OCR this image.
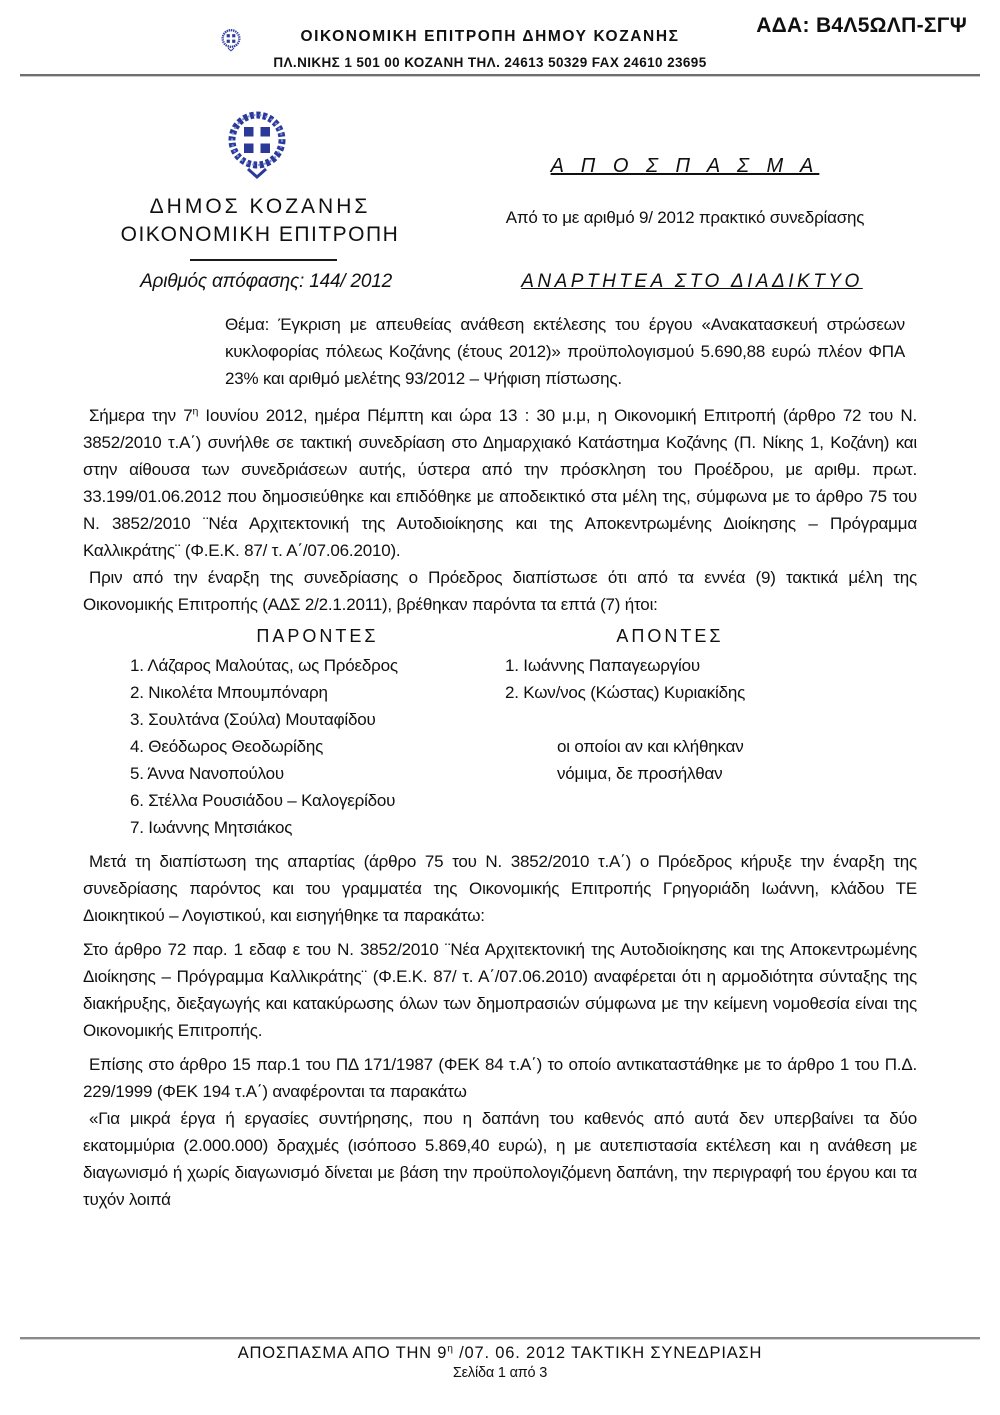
ΟΙΚΟΝΟΜΙΚΗ ΕΠΙΤΡΟΠΗ ΔΗΜΟΥ ΚΟΖΑΝΗΣ
ΠΛ.ΝΙΚΗΣ 1 501 00 ΚΟΖΑΝΗ ΤΗΛ. 24613 50329 FAX 24610 23695
ΑΔΑ: Β4Λ5ΩΛΠ-ΣΓΨ
ΔΗΜΟΣ ΚΟΖΑΝΗΣ
ΟΙΚΟΝΟΜΙΚΗ ΕΠΙΤΡΟΠΗ
Αριθμός απόφασης: 144/ 2012
Α Π Ο Σ Π Α Σ Μ Α
Από το με αριθμό 9/ 2012 πρακτικό συνεδρίασης
ΑΝΑΡΤΗΤΕΑ ΣΤΟ ΔΙΑΔΙΚΤΥΟ

Θέμα: Έγκριση με απευθείας ανάθεση εκτέλεσης του έργου «Ανακατασκευή στρώσεων κυκλοφορίας πόλεως Κοζάνης (έτους 2012)» προϋπολογισμού 5.690,88 ευρώ πλέον ΦΠΑ 23% και αριθμό μελέτης 93/2012 – Ψήφιση πίστωσης.

Σήμερα την $7^\eta$ Ιουνίου 2012, ημέρα Πέμπτη και ώρα 13 : 30 μ.μ, η Οικονομική Επιτροπή (άρθρο 72 του Ν. 3852/2010 τ.Α΄) συνήλθε σε τακτική συνεδρίαση στο Δημαρχιακό Κατάστημα Κοζάνης (Π. Νίκης 1, Κοζάνη) και στην αίθουσα των συνεδριάσεων αυτής, ύστερα από την πρόσκληση του Προέδρου, με αριθμ. πρωτ. 33.199/01.06.2012 που δημοσιεύθηκε και επιδόθηκε με αποδεικτικό στα μέλη της, σύμφωνα με το άρθρο 75 του Ν. 3852/2010 ¨Νέα Αρχιτεκτονική της Αυτοδιοίκησης και της Αποκεντρωμένης Διοίκησης – Πρόγραμμα Καλλικράτης¨ (Φ.Ε.Κ. 87/ τ. Α΄/07.06.2010).

Πριν από την έναρξη της συνεδρίασης ο Πρόεδρος διαπίστωσε ότι από τα εννέα (9) τακτικά μέλη της Οικονομικής Επιτροπής (ΑΔΣ 2/2.1.2011), βρέθηκαν παρόντα τα επτά (7) ήτοι:

ΠΑΡΟΝΤΕΣ
1. Λάζαρος Μαλούτας, ως Πρόεδρος
2. Νικολέτα Μπουμπόναρη
3. Σουλτάνα (Σούλα) Μουταφίδου
4. Θεόδωρος Θεοδωρίδης
5. Άννα Νανοπούλου
6. Στέλλα Ρουσιάδου – Καλογερίδου
7. Ιωάννης Μητσιάκος
ΑΠΟΝΤΕΣ
1. Ιωάννης Παπαγεωργίου
2. Κων/νος (Κώστας) Κυριακίδης
οι οποίοι αν και κλήθηκαν
νόμιμα, δε προσήλθαν

Μετά τη διαπίστωση της απαρτίας (άρθρο 75 του Ν. 3852/2010 τ.Α΄) ο Πρόεδρος κήρυξε την έναρξη της συνεδρίασης παρόντος και του γραμματέα της Οικονομικής Επιτροπής Γρηγοριάδη Ιωάννη, κλάδου ΤΕ Διοικητικού – Λογιστικού, και εισηγήθηκε τα παρακάτω:

Στο άρθρο 72 παρ. 1 εδαφ ε του Ν. 3852/2010 ¨Νέα Αρχιτεκτονική της Αυτοδιοίκησης και της Αποκεντρωμένης Διοίκησης – Πρόγραμμα Καλλικράτης¨ (Φ.Ε.Κ. 87/ τ. Α΄/07.06.2010) αναφέρεται ότι η αρμοδιότητα σύνταξης της διακήρυξης, διεξαγωγής και κατακύρωσης όλων των δημοπρασιών σύμφωνα με την κείμενη νομοθεσία είναι της Οικονομικής Επιτροπής.

Επίσης στο άρθρο 15 παρ.1 του ΠΔ 171/1987 (ΦΕΚ 84 τ.Α΄) το οποίο αντικαταστάθηκε με το άρθρο 1 του Π.Δ. 229/1999 (ΦΕΚ 194 τ.Α΄) αναφέρονται τα παρακάτω

«Για μικρά έργα ή εργασίες συντήρησης, που η δαπάνη του καθενός από αυτά δεν υπερβαίνει τα δύο εκατομμύρια (2.000.000) δραχμές (ισόποσο 5.869,40 ευρώ), η με αυτεπιστασία εκτέλεση και η ανάθεση με διαγωνισμό ή χωρίς διαγωνισμό δίνεται με βάση την προϋπολογιζόμενη δαπάνη, την περιγραφή του έργου και τα τυχόν λοιπά

ΑΠΟΣΠΑΣΜΑ ΑΠΟ ΤΗΝ $9^\eta$ /07. 06. 2012 ΤΑΚΤΙΚΗ ΣΥΝΕΔΡΙΑΣΗ
Σελίδα 1 από 3
